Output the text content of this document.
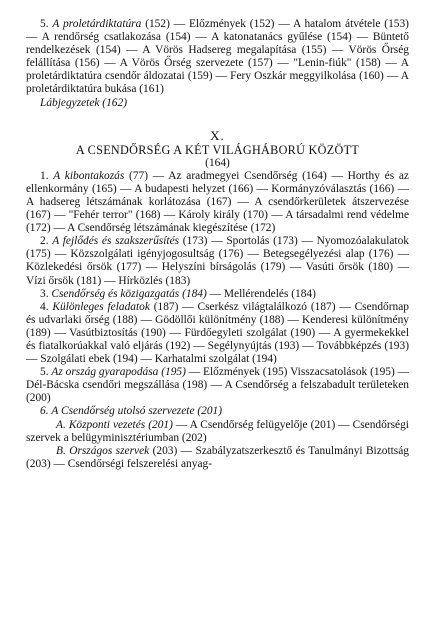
5. A proletárdiktatúra (152) — Előzmények (152) — A hatalom átvétele (153) — A rendőrség csatlakozása (154) — A katonatanács gyűlése (154) — Büntető rendelkezések (154) — A Vörös Hadsereg megalapítása (155) — Vörös Őrség felállítása (156) — A Vörös Őrség szervezete (157) — "Lenin-fiúk" (158) — A proletárdiktatúra csendőr áldozatai (159) — Fery Oszkár meggyilkolása (160) — A proletárdiktatúra bukása (161)

Lábjegyzetek (162)

X.
A CSENDŐRSÉG A KÉT VILÁGHÁBORÚ KÖZÖTT
(164)

1. A kibontakozás (77) — Az aradmegyei Csendőrség (164) — Horthy és az ellenkormány (165) — A budapesti helyzet (166) — Kormányzóválasztás (166) — A hadsereg létszámának korlátozása (167) — A csendőrkerületek átszervezése (167) — "Fehér terror" (168) — Károly király (170) — A társadalmi rend védelme (172) — A Csendőrség létszámának kiegészítése (172)

2. A fejlődés és szakszerűsítés (173) — Sportolás (173) — Nyomozóalakulatok (175) — Közszolgálati igényjogosultság (176) — Betegsegélyezési alap (176) — Közlekedési őrsök (177) — Helyszíni bírságolás (179) — Vasúti őrsök (180) — Vízi őrsök (181) — Hírközlés (183)

3. Csendőrség és közigazgatás (184) — Mellérendelés (184)

4. Különleges feladatok (187) — Cserkész világtalálkozó (187) — Csendőrnap és udvarlaki őrség (188) — Gödöllői különítmény (188) — Kenderesi különítmény (189) — Vasútbiztosítás (190) — Fürdőegyleti szolgálat (190) — A gyermekekkel és fiatalkorúakkal való eljárás (192) — Segélynyújtás (193) — Továbbképzés (193) — Szolgálati ebek (194) — Karhatalmi szolgálat (194)

5. Az ország gyarapodása (195) — Előzmények (195) Visszacsatolások (195) — Dél-Bácska csendőri megszállása (198) — A Csendőrség a felszabadult területeken (200)

6. A Csendőrség utolsó szervezete (201)

A. Központi vezetés (201) — A Csendőrség felügyelője (201) — Csendőrségi szervek a belügyminisztériumban (202)

B. Országos szervek (203) — Szabályzatszerkesztő és Tanulmányi Bizottság (203) — Csendőrségi felszerelési anyag-
